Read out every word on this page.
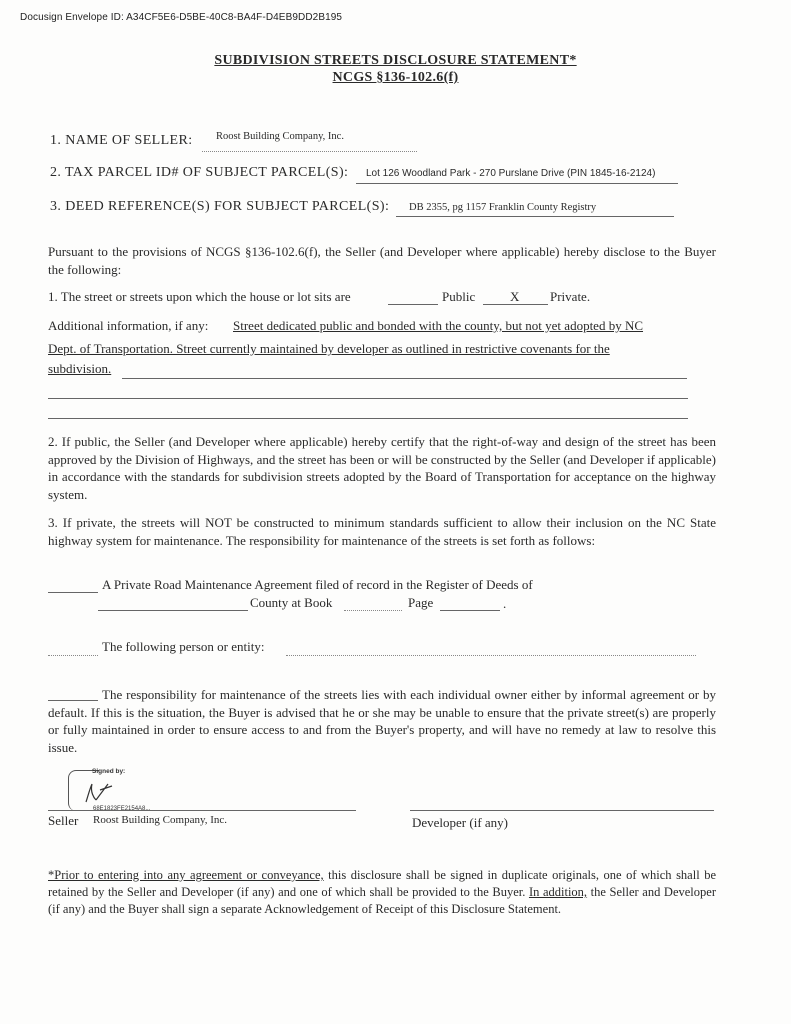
Docusign Envelope ID: A34CF5E6-D5BE-40C8-BA4F-D4EB9DD2B195
SUBDIVISION STREETS DISCLOSURE STATEMENT*
NCGS §136-102.6(f)
1. NAME OF SELLER: Roost Building Company, Inc.
2. TAX PARCEL ID# OF SUBJECT PARCEL(S): Lot 126 Woodland Park - 270 Purslane Drive (PIN 1845-16-2124)
3. DEED REFERENCE(S) FOR SUBJECT PARCEL(S): DB 2355, pg 1157 Franklin County Registry
Pursuant to the provisions of NCGS §136-102.6(f), the Seller (and Developer where applicable) hereby disclose to the Buyer the following:
1. The street or streets upon which the house or lot sits are	Public	X Private.
Additional information, if any: Street dedicated public and bonded with the county, but not yet adopted by NC
Dept. of Transportation. Street currently maintained by developer as outlined in restrictive covenants for the
subdivision.
2. If public, the Seller (and Developer where applicable) hereby certify that the right-of-way and design of the street has been approved by the Division of Highways, and the street has been or will be constructed by the Seller (and Developer if applicable) in accordance with the standards for subdivision streets adopted by the Board of Transportation for acceptance on the highway system.
3. If private, the streets will NOT be constructed to minimum standards sufficient to allow their inclusion on the NC State highway system for maintenance. The responsibility for maintenance of the streets is set forth as follows:
A Private Road Maintenance Agreement filed of record in the Register of Deeds of
County at Book	Page	.
The following person or entity:
The responsibility for maintenance of the streets lies with each individual owner either by informal agreement or by default. If this is the situation, the Buyer is advised that he or she may be unable to ensure that the private street(s) are properly or fully maintained in order to ensure access to and from the Buyer's property, and will have no remedy at law to resolve this issue.
Signed by:
68E1823FE2154A8...
Seller Roost Building Company, Inc.	Developer (if any)
*Prior to entering into any agreement or conveyance, this disclosure shall be signed in duplicate originals, one of which shall be retained by the Seller and Developer (if any) and one of which shall be provided to the Buyer. In addition, the Seller and Developer (if any) and the Buyer shall sign a separate Acknowledgement of Receipt of this Disclosure Statement.
